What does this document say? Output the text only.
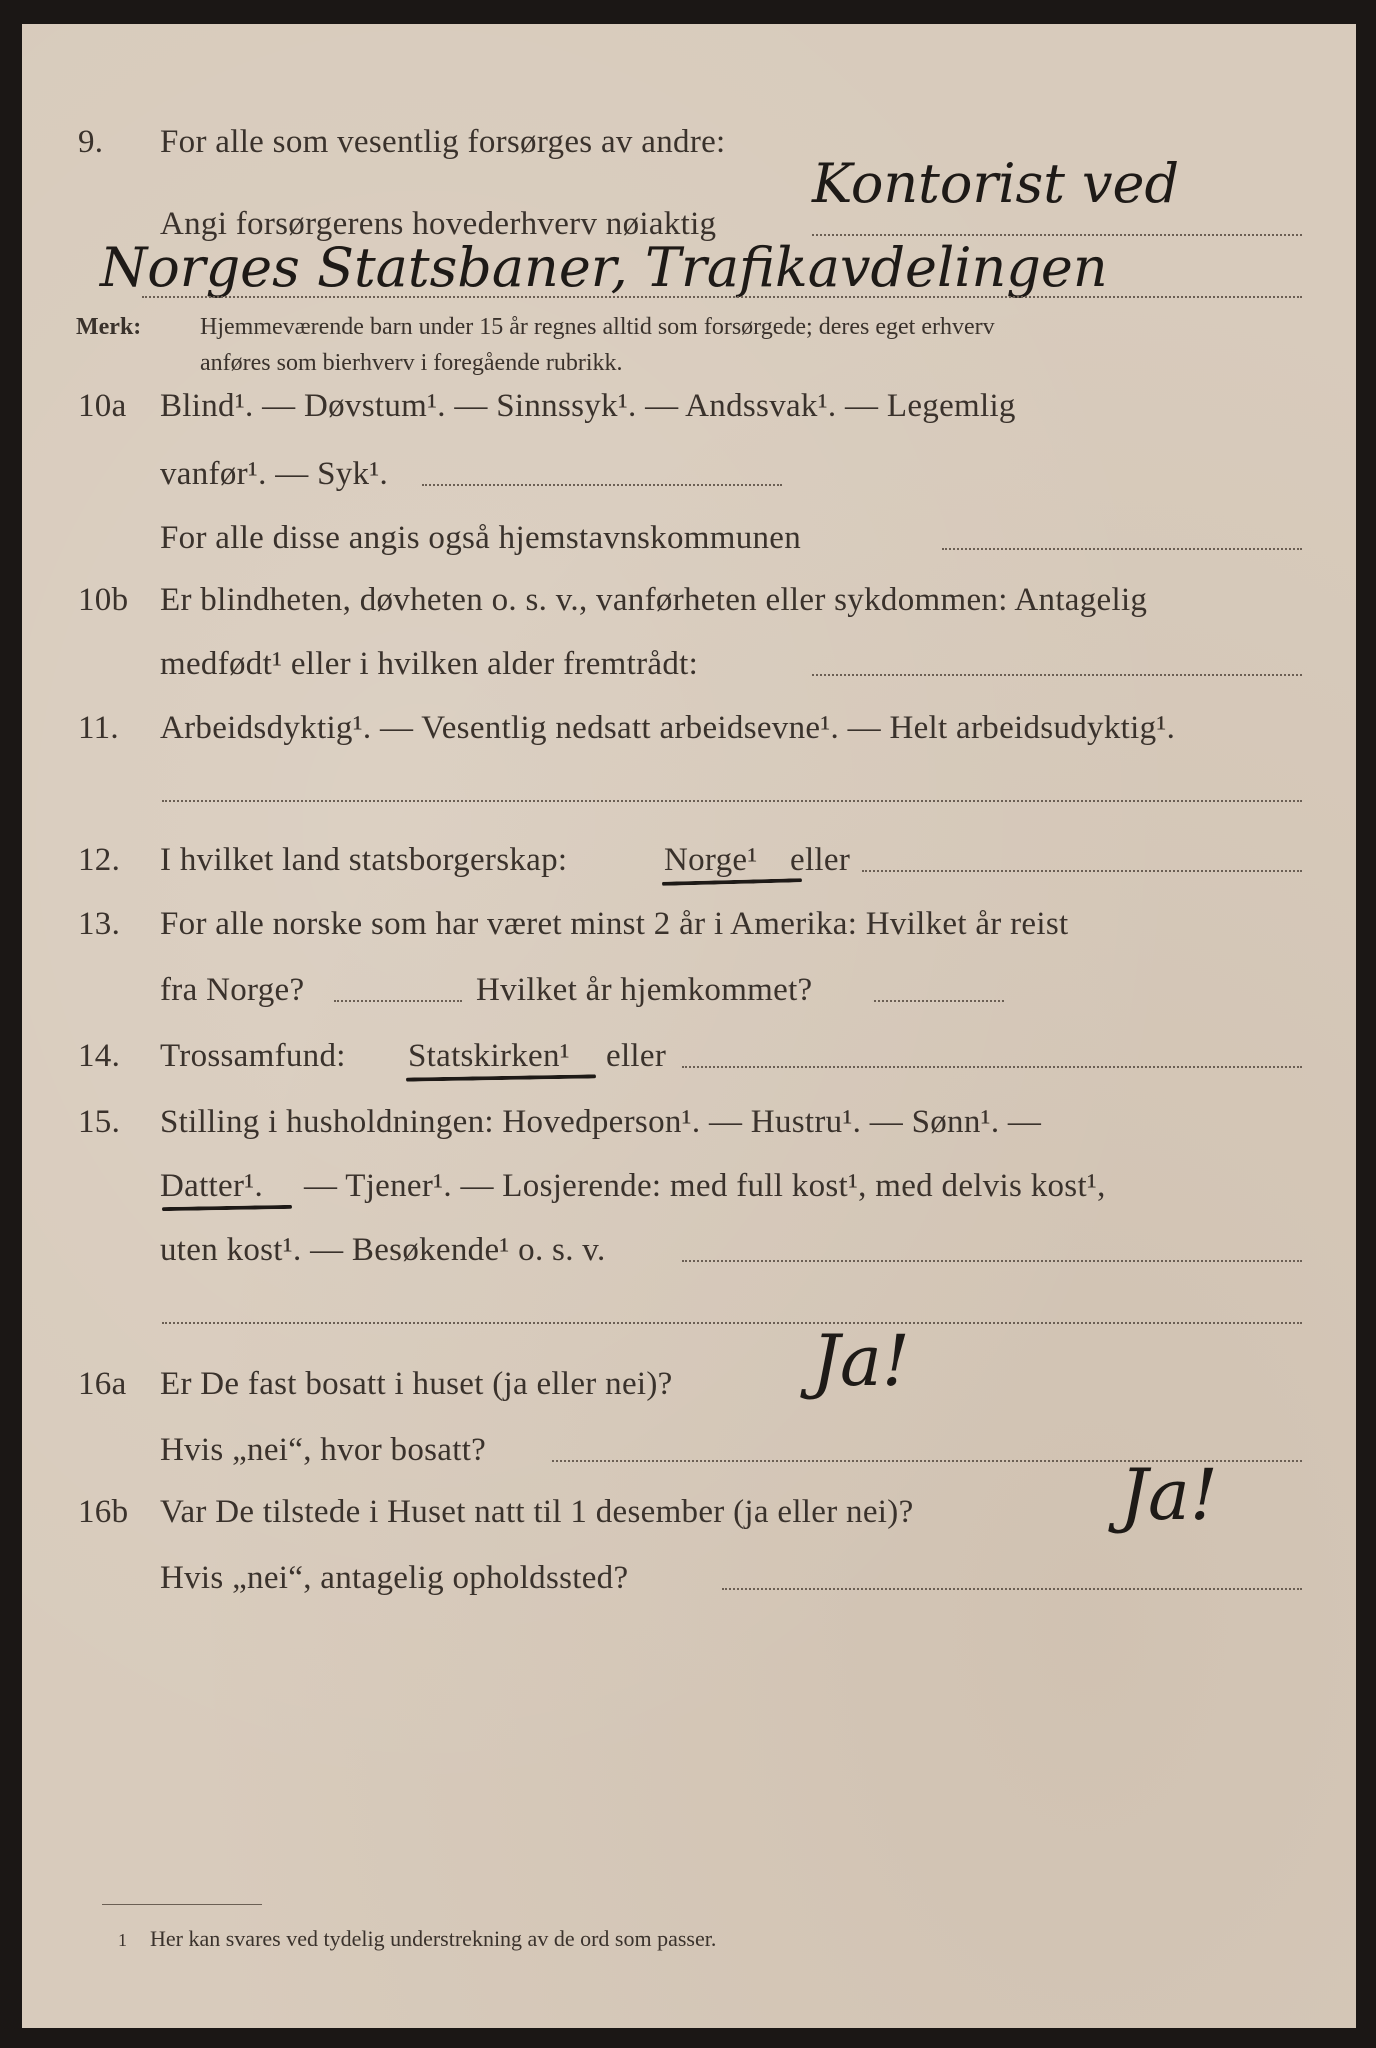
9. For alle som vesentlig forsørges av andre:
Kontorist ved
Angi forsørgerens hovederhverv nøiaktig
Norges Statsbaner, Trafikavdelingen
Merk: Hjemmeværende barn under 15 år regnes alltid som forsørgede; deres eget erhverv
anføres som bierhverv i foregående rubrikk.
10a Blind¹. — Døvstum¹. — Sinnssyk¹. — Andssvak¹. — Legemlig
vanfør¹. — Syk¹.
For alle disse angis også hjemstavnskommunen
10b Er blindheten, døvheten o. s. v., vanførheten eller sykdommen: Antagelig
medfødt¹ eller i hvilken alder fremtrådt:
11. Arbeidsdyktig¹. — Vesentlig nedsatt arbeidsevne¹. — Helt arbeidsudyktig¹.
12. I hvilket land statsborgerskap:	Norge¹ eller
13. For alle norske som har været minst 2 år i Amerika: Hvilket år reist
fra Norge?	Hvilket år hjemkommet?
14. Trossamfund: Statskirken¹ eller
15. Stilling i husholdningen: Hovedperson¹. — Hustru¹. — Sønn¹. —
Datter¹. — Tjener¹. — Losjerende: med full kost¹, med delvis kost¹,
uten kost¹. — Besøkende¹ o. s. v.
16a Er De fast bosatt i huset (ja eller nei)? Ja!
Hvis „nei“, hvor bosatt?
16b Var De tilstede i Huset natt til 1 desember (ja eller nei)?	Ja!
Hvis „nei“, antagelig opholdssted?
1 Her kan svares ved tydelig understrekning av de ord som passer.
